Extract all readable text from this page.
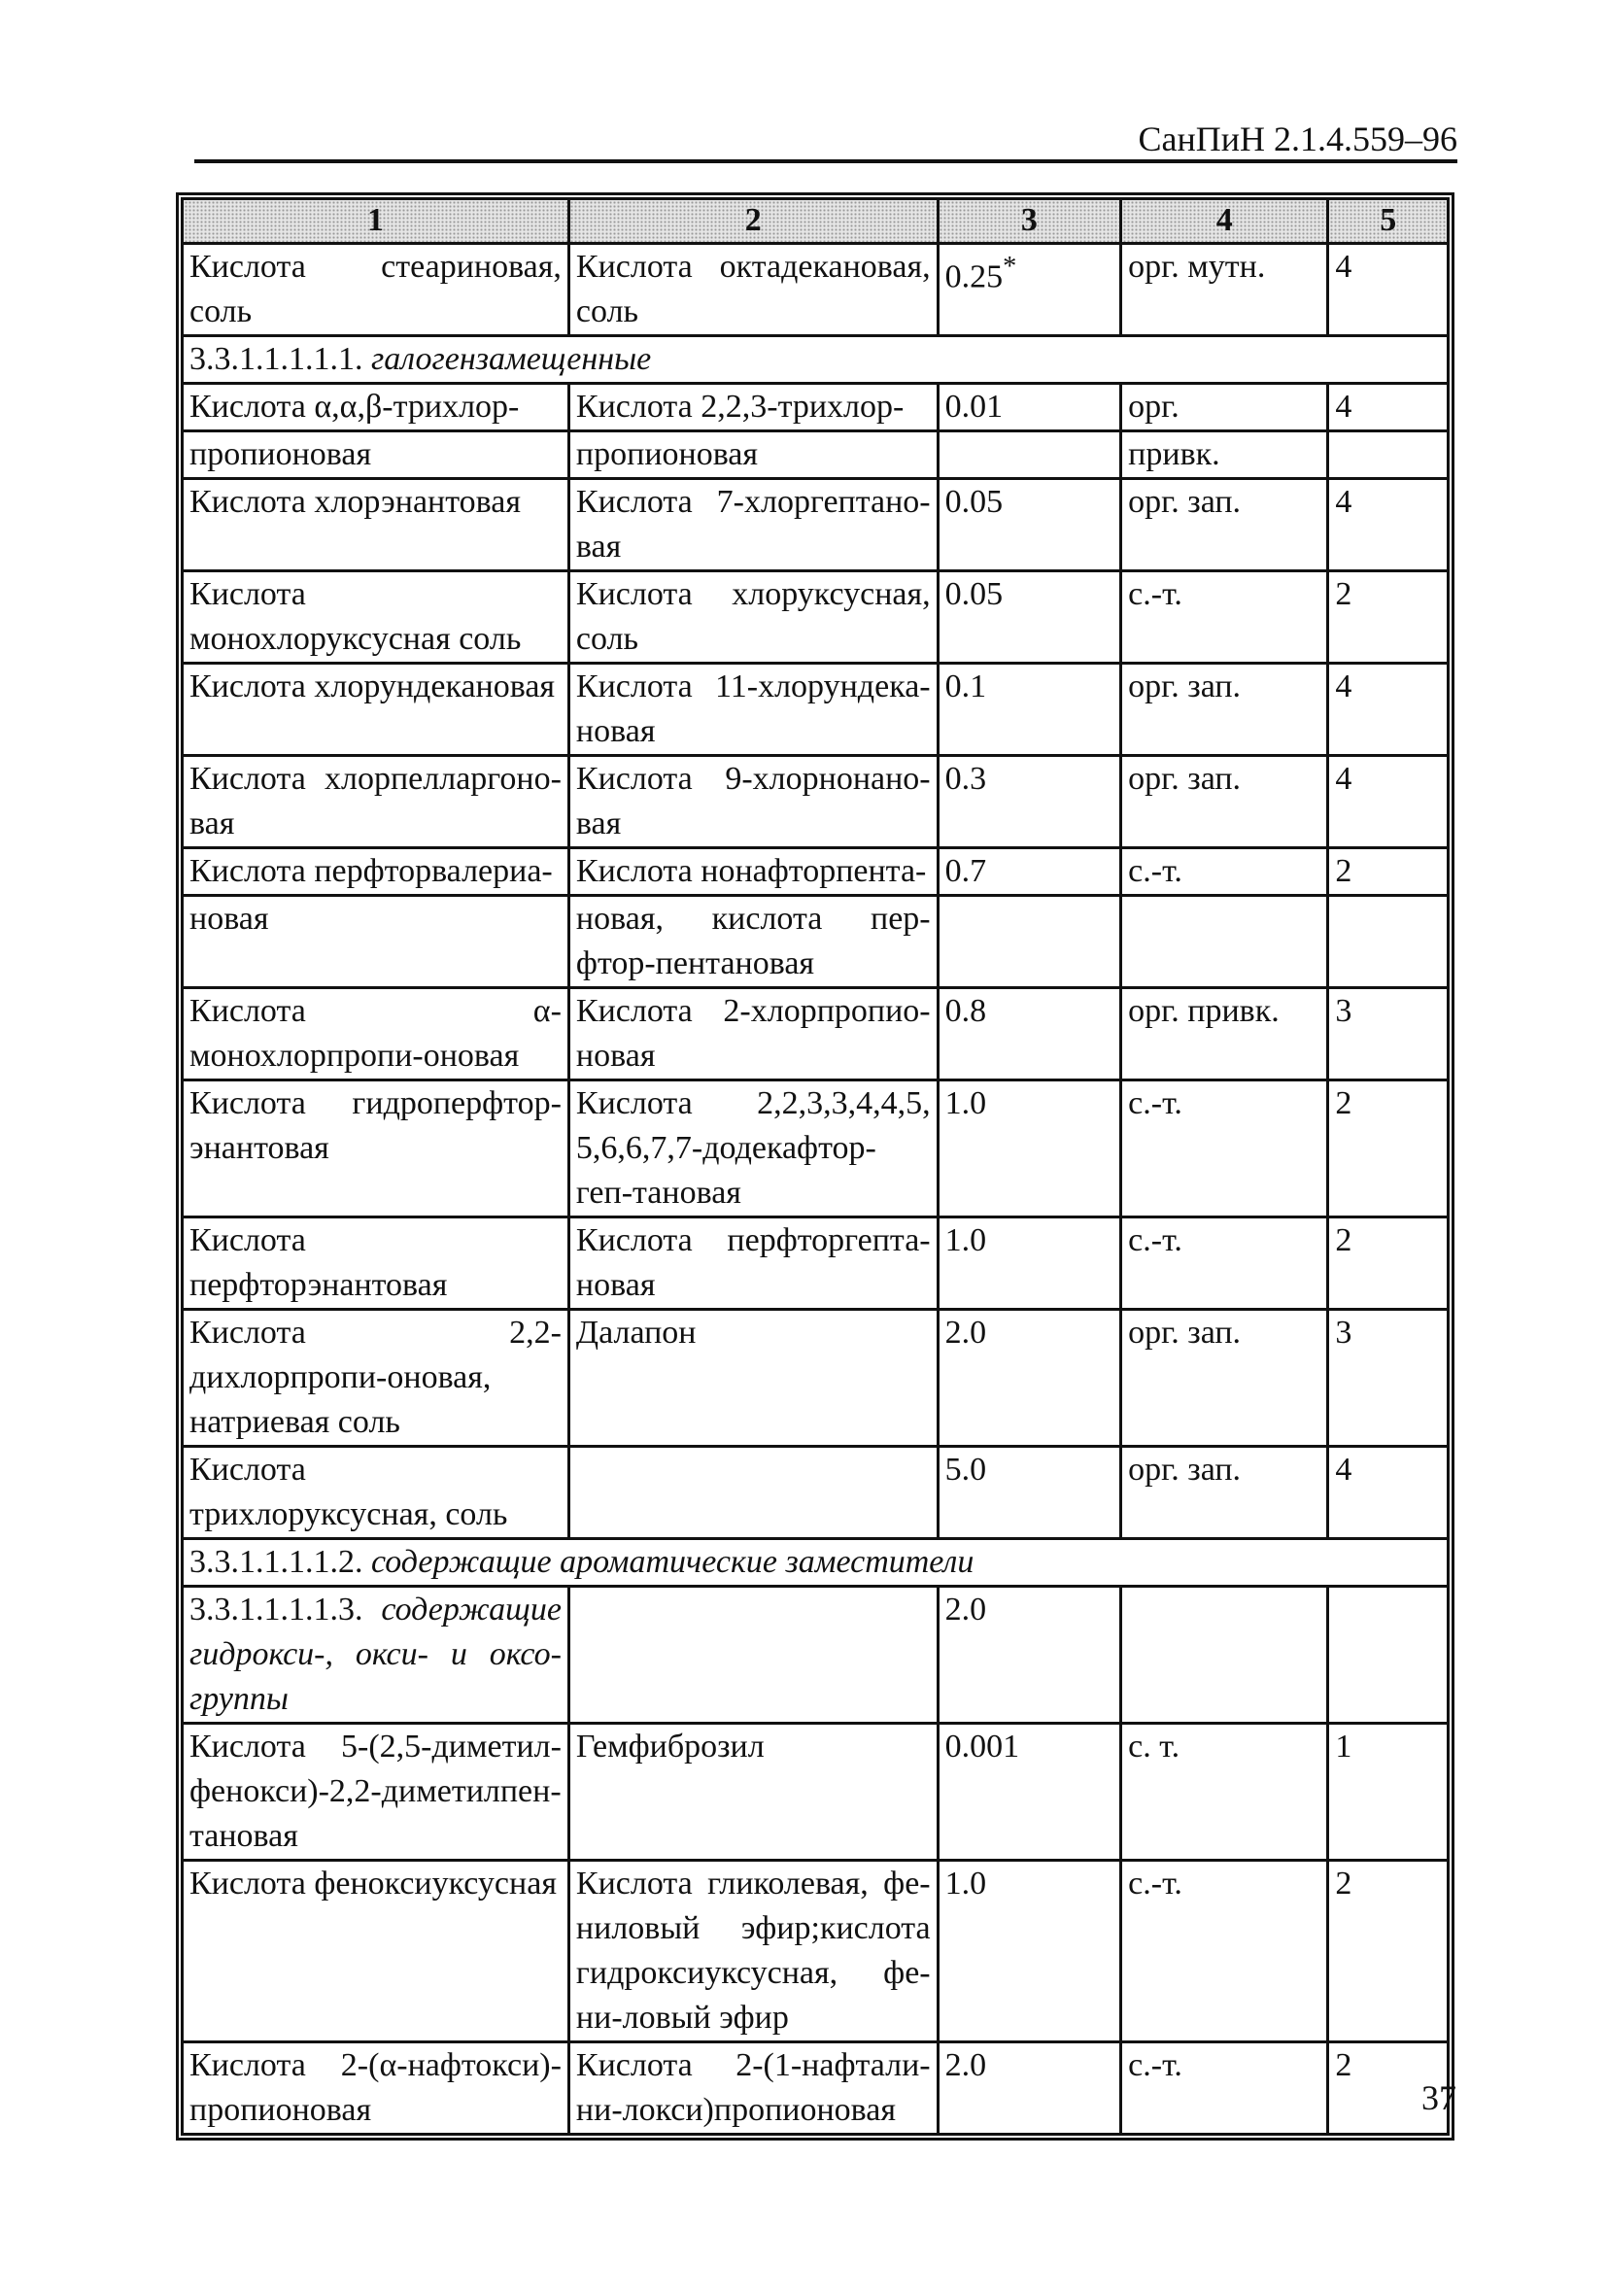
СанПиН 2.1.4.559–96
1	2	3	4	5
Кислота стеариновая, соль	Кислота октадекановая, соль	0.25*	орг. мутн.	4
3.3.1.1.1.1.1. галогензамещенные				
Кислота α,α,β-трихлор-	Кислота 2,2,3-трихлор-	0.01	орг.	4
пропионовая	пропионовая		привк.	
Кислота хлорэнантовая	Кислота 7-хлоргептано-вая	0.05	орг. зап.	4
Кислота монохлоруксусная соль	Кислота хлоруксусная, соль	0.05	с.-т.	2
Кислота хлорундекановая	Кислота 11-хлорундека-новая	0.1	орг. зап.	4
Кислота хлорпелларгоно-вая	Кислота 9-хлорнонано-вая	0.3	орг. зап.	4
Кислота перфторвалериа-	Кислота нонафторпента-	0.7	с.-т.	2
новая	новая, кислота пер- фтор-пентановая			
Кислота α-монохлорпропи-оновая	Кислота 2-хлорпропио-новая	0.8	орг. привк.	3
Кислота гидроперфтор-энантовая	Кислота 2,2,3,3,4,4,5, 5,6,6,7,7-додекафтор- геп-тановая	1.0	с.-т.	2
Кислота перфторэнантовая	Кислота перфторгепта-новая	1.0	с.-т.	2
Кислота 2,2-дихлорпропи-оновая, натриевая соль	Далапон	2.0	орг. зап.	3
Кислота трихлоруксусная, соль		5.0	орг. зап.	4
3.3.1.1.1.1.2. содержащие ароматические заместители				
3.3.1.1.1.1.3. содержащие гидрокси-, окси- и оксо-группы		2.0		
Кислота 5-(2,5-диметил-фенокси)-2,2-диметилпен-тановая	Гемфиброзил	0.001	с. т.	1
Кислота феноксиуксусная	Кислота гликолевая, фе-ниловый эфир;кислота гидроксиуксусная, фе- ни-ловый эфир	1.0	с.-т.	2
Кислота 2-(α-нафтокси)-пропионовая	Кислота 2-(1-нафтали- ни-локси)пропионовая	2.0	с.-т.	2
37
